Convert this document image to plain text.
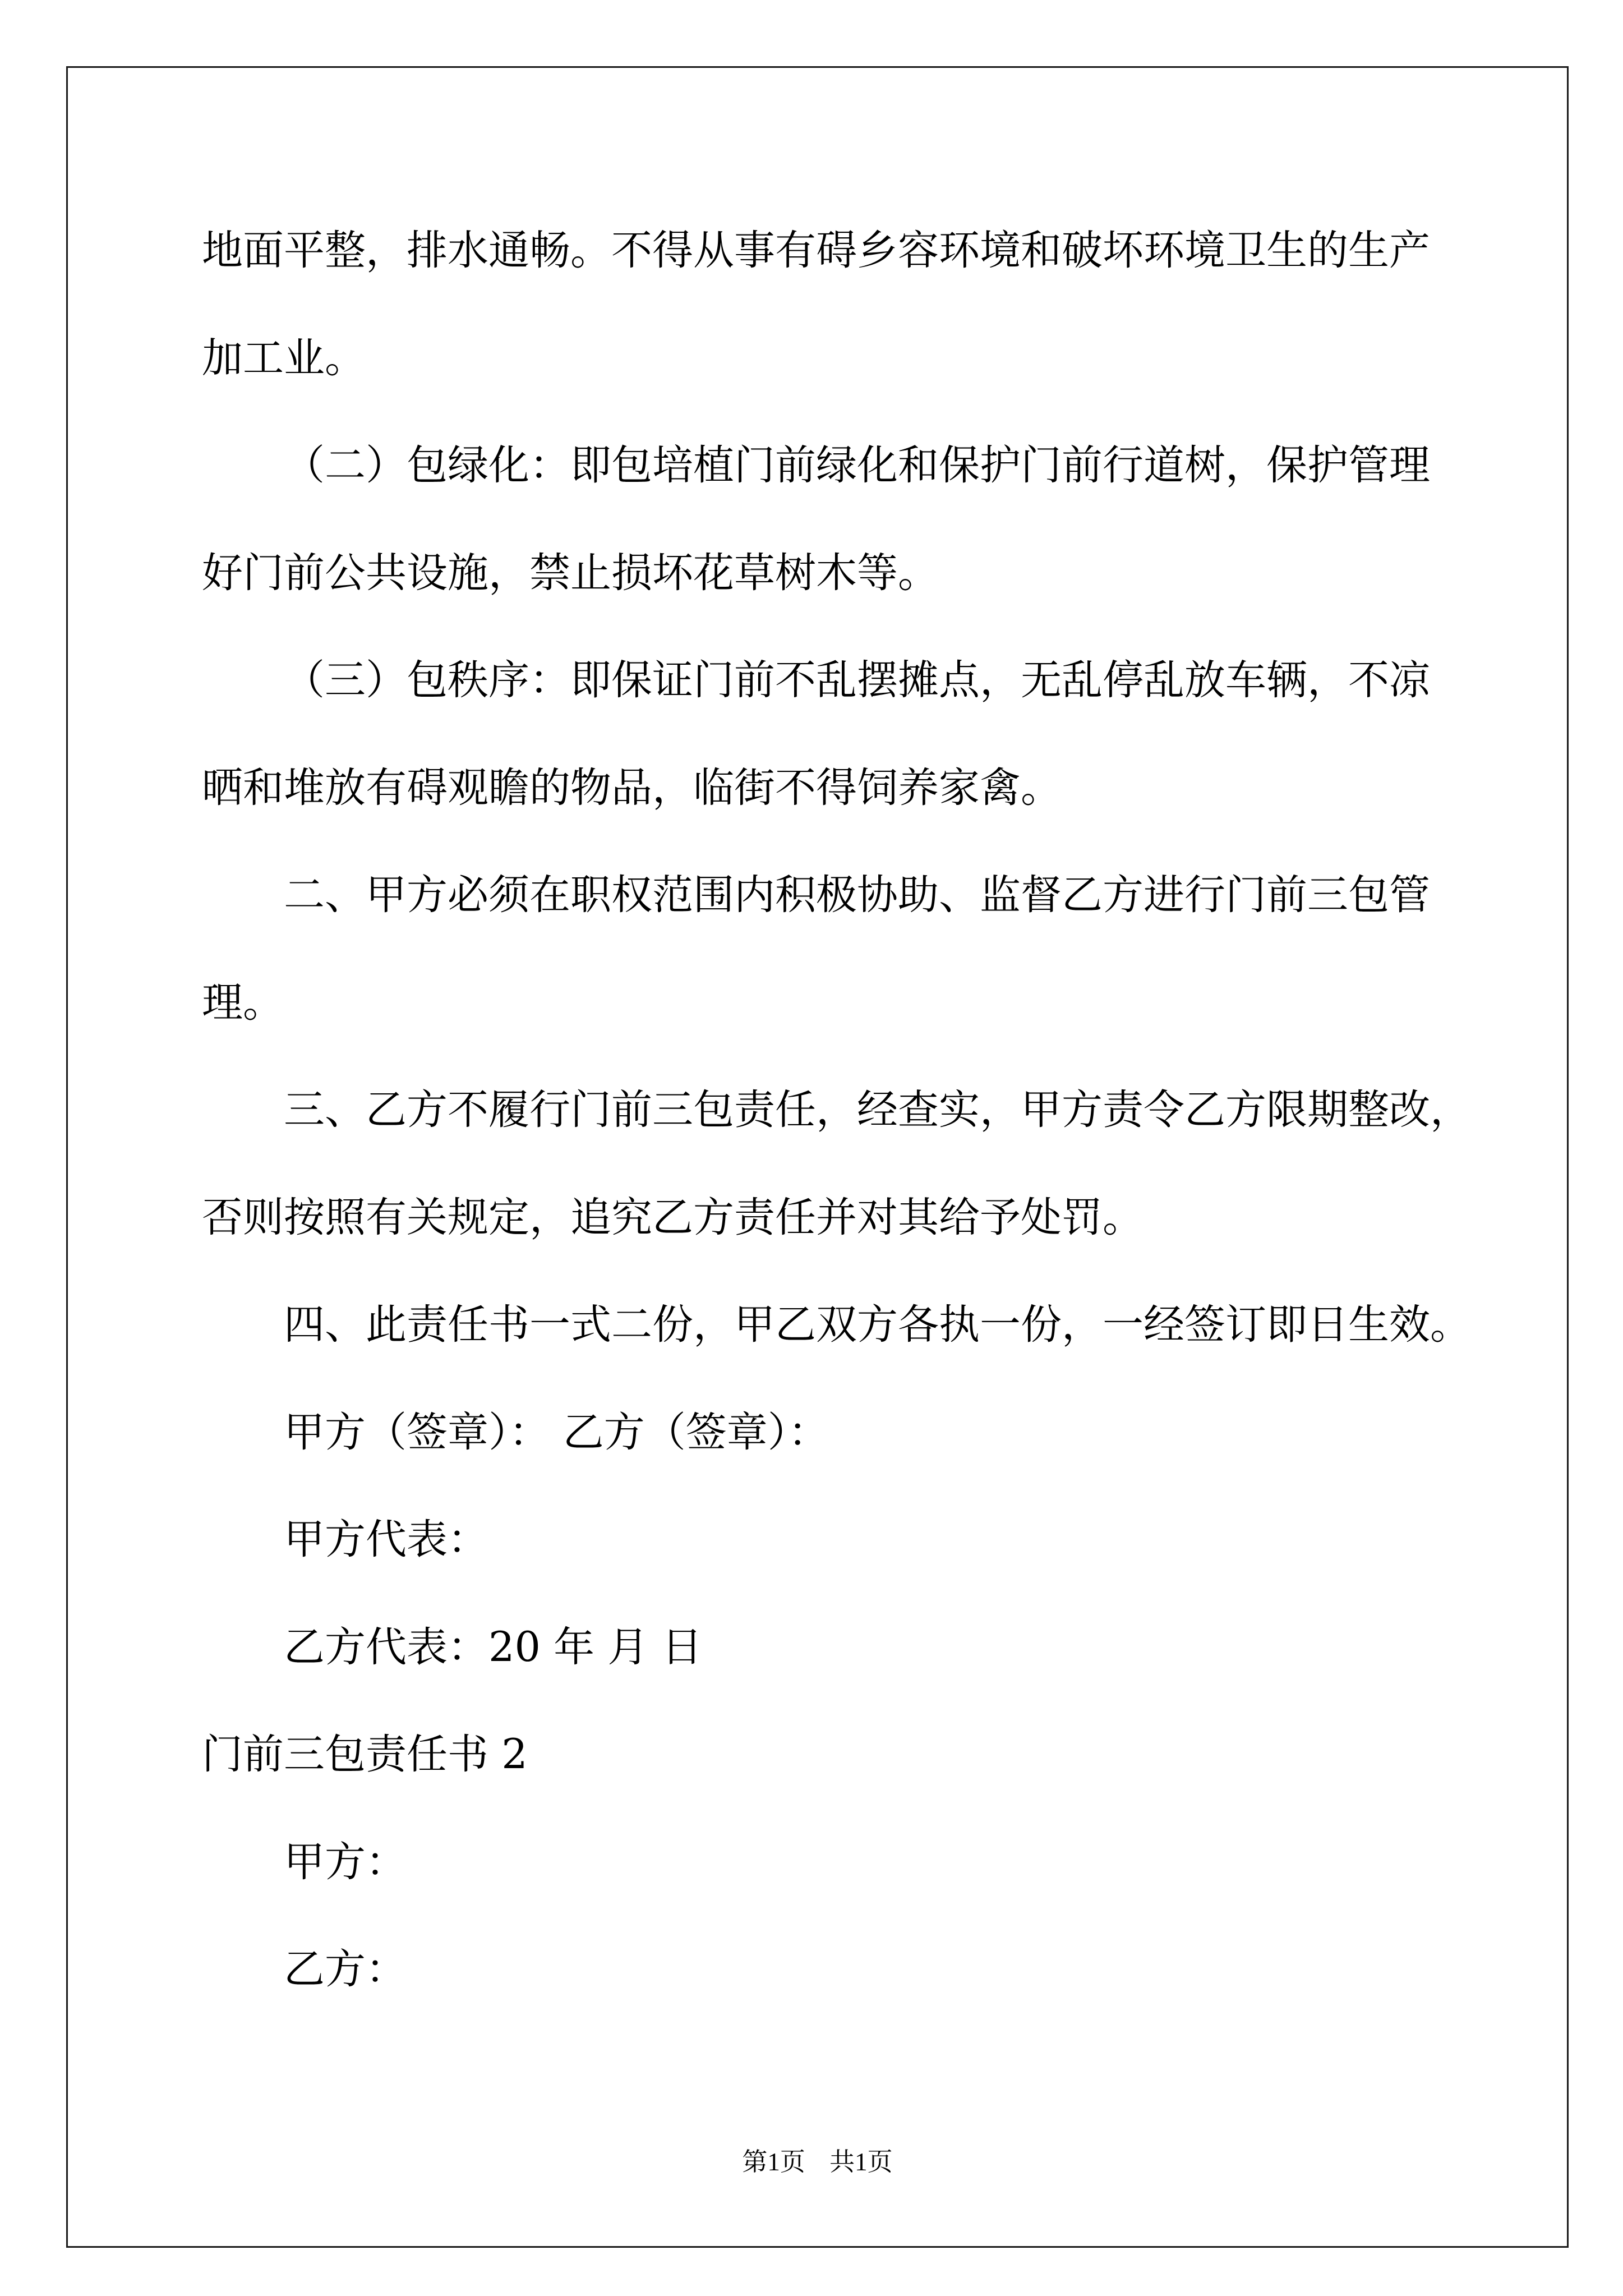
地面平整，排水通畅。不得从事有碍乡容环境和破坏环境卫生的生产
加工业。
（二）包绿化：即包培植门前绿化和保护门前行道树，保护管理
好门前公共设施，禁止损坏花草树木等。
（三）包秩序：即保证门前不乱摆摊点，无乱停乱放车辆，不凉
晒和堆放有碍观瞻的物品，临街不得饲养家禽。
二、甲方必须在职权范围内积极协助、监督乙方进行门前三包管
理。
三、乙方不履行门前三包责任，经查实，甲方责令乙方限期整改，
否则按照有关规定，追究乙方责任并对其给予处罚。
四、此责任书一式二份，甲乙双方各执一份，一经签订即日生效。
甲方（签章）： 乙方（签章）：
甲方代表：
乙方代表：20 年 月 日
门前三包责任书 2
甲方：
乙方：
第1页 共1页
